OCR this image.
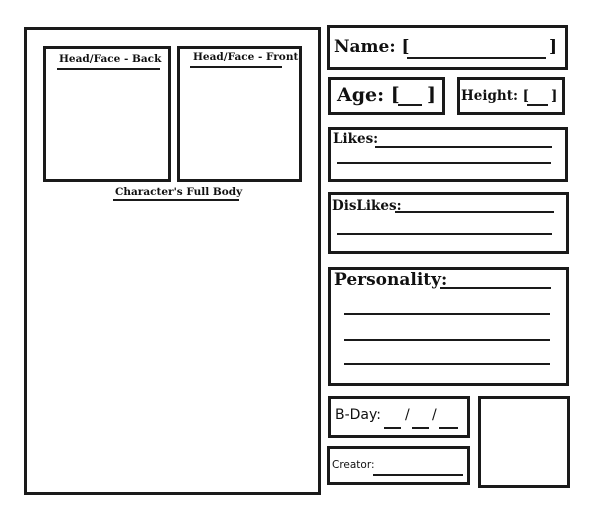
Head/Face - Back	Head/Face - Front
Character's Full Body
Name: [	]
Age: [ ] Height: [ ]
Likes:
DisLikes:
Personality:
B-Day: / /
Creator:
